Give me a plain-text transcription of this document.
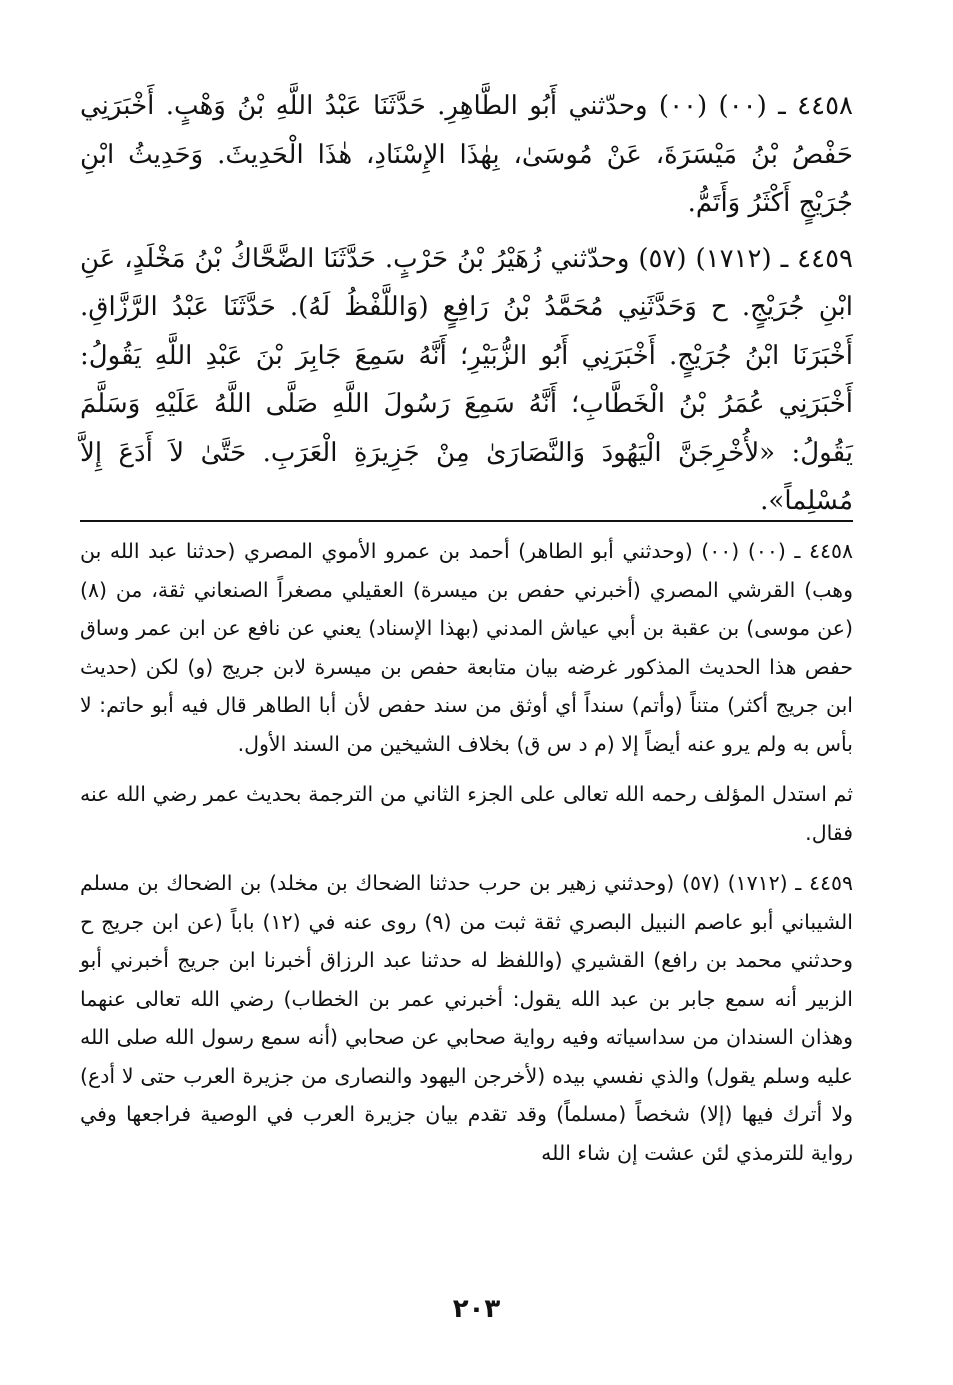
٤٤٥٨ ـ (٠٠) (٠٠) وحدّثني أَبُو الطَّاهِرِ. حَدَّثَنَا عَبْدُ اللَّهِ بْنُ وَهْبٍ. أَخْبَرَنِي حَفْصُ بْنُ مَيْسَرَةَ، عَنْ مُوسَىٰ، بِهٰذَا الإِسْنَادِ، هٰذَا الْحَدِيثَ. وَحَدِيثُ ابْنِ جُرَيْجٍ أَكْثَرُ وَأَتَمُّ.

٤٤٥٩ ـ (١٧١٢) (٥٧) وحدّثني زُهَيْرُ بْنُ حَرْبٍ. حَدَّثَنَا الضَّحَّاكُ بْنُ مَخْلَدٍ، عَنِ ابْنِ جُرَيْجٍ. ح وَحَدَّثَنِي مُحَمَّدُ بْنُ رَافِعٍ (وَاللَّفْظُ لَهُ). حَدَّثَنَا عَبْدُ الرَّزَّاقِ. أَخْبَرَنَا ابْنُ جُرَيْجٍ. أَخْبَرَنِي أَبُو الزُّبَيْرِ؛ أَنَّهُ سَمِعَ جَابِرَ بْنَ عَبْدِ اللَّهِ يَقُولُ: أَخْبَرَنِي عُمَرُ بْنُ الْخَطَّابِ؛ أَنَّهُ سَمِعَ رَسُولَ اللَّهِ صَلَّى اللَّهُ عَلَيْهِ وَسَلَّمَ يَقُولُ: «لأُخْرِجَنَّ الْيَهُودَ وَالنَّصَارَىٰ مِنْ جَزِيرَةِ الْعَرَبِ. حَتَّىٰ لاَ أَدَعَ إِلاَّ مُسْلِماً».

٤٤٥٨ ـ (٠٠) (٠٠) (وحدثني أبو الطاهر) أحمد بن عمرو الأموي المصري (حدثنا عبد الله بن وهب) القرشي المصري (أخبرني حفص بن ميسرة) العقيلي مصغراً الصنعاني ثقة، من (٨) (عن موسى) بن عقبة بن أبي عياش المدني (بهذا الإسناد) يعني عن نافع عن ابن عمر وساق حفص هذا الحديث المذكور غرضه بيان متابعة حفص بن ميسرة لابن جريج (و) لكن (حديث ابن جريج أكثر) متناً (وأتم) سنداً أي أوثق من سند حفص لأن أبا الطاهر قال فيه أبو حاتم: لا بأس به ولم يرو عنه أيضاً إلا (م د س ق) بخلاف الشيخين من السند الأول.

ثم استدل المؤلف رحمه الله تعالى على الجزء الثاني من الترجمة بحديث عمر رضي الله عنه فقال.

٤٤٥٩ ـ (١٧١٢) (٥٧) (وحدثني زهير بن حرب حدثنا الضحاك بن مخلد) بن الضحاك بن مسلم الشيباني أبو عاصم النبيل البصري ثقة ثبت من (٩) روى عنه في (١٢) باباً (عن ابن جريج ح وحدثني محمد بن رافع) القشيري (واللفظ له حدثنا عبد الرزاق أخبرنا ابن جريج أخبرني أبو الزبير أنه سمع جابر بن عبد الله يقول: أخبرني عمر بن الخطاب) رضي الله تعالى عنهما وهذان السندان من سداسياته وفيه رواية صحابي عن صحابي (أنه سمع رسول الله صلى الله عليه وسلم يقول) والذي نفسي بيده (لأخرجن اليهود والنصارى من جزيرة العرب حتى لا أدع) ولا أترك فيها (إلا) شخصاً (مسلماً) وقد تقدم بيان جزيرة العرب في الوصية فراجعها وفي رواية للترمذي لئن عشت إن شاء الله

٢٠٣
